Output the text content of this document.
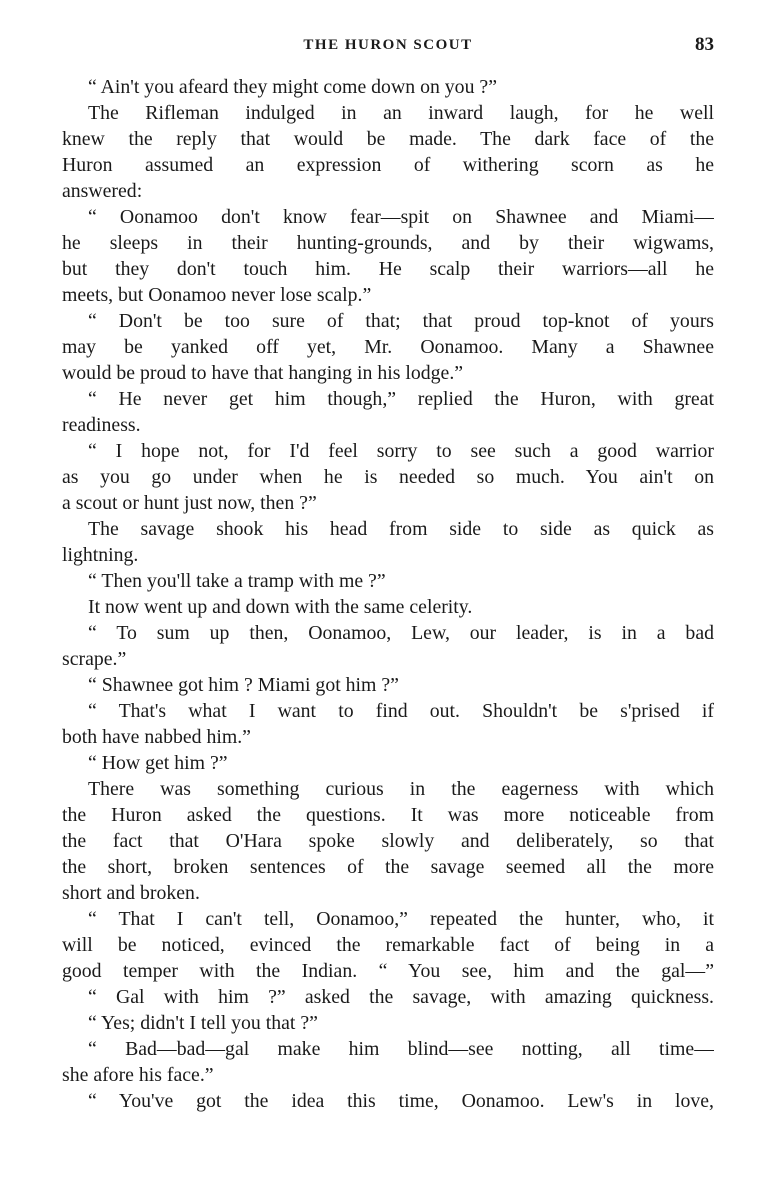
THE HURON SCOUT	83
“ Ain't you afeard they might come down on you ?”
The Rifleman indulged in an inward laugh, for he well
knew the reply that would be made. The dark face of the
Huron assumed an expression of withering scorn as he
answered:
“ Oonamoo don't know fear—spit on Shawnee and Miami—
he sleeps in their hunting-grounds, and by their wigwams,
but they don't touch him. He scalp their warriors—all he
meets, but Oonamoo never lose scalp.”
“ Don't be too sure of that; that proud top-knot of yours
may be yanked off yet, Mr. Oonamoo. Many a Shawnee
would be proud to have that hanging in his lodge.”
“ He never get him though,” replied the Huron, with great
readiness.
“ I hope not, for I'd feel sorry to see such a good warrior
as you go under when he is needed so much. You ain't on
a scout or hunt just now, then ?”
The savage shook his head from side to side as quick as
lightning.
“ Then you'll take a tramp with me ?”
It now went up and down with the same celerity.
“ To sum up then, Oonamoo, Lew, our leader, is in a bad
scrape.”
“ Shawnee got him ? Miami got him ?”
“ That's what I want to find out. Shouldn't be s'prised if
both have nabbed him.”
“ How get him ?”
There was something curious in the eagerness with which
the Huron asked the questions. It was more noticeable from
the fact that O'Hara spoke slowly and deliberately, so that
the short, broken sentences of the savage seemed all the more
short and broken.
“ That I can't tell, Oonamoo,” repeated the hunter, who, it
will be noticed, evinced the remarkable fact of being in a
good temper with the Indian. “ You see, him and the gal—”
“ Gal with him ?” asked the savage, with amazing quickness.
“ Yes; didn't I tell you that ?”
“ Bad—bad—gal make him blind—see notting, all time—
she afore his face.”
“ You've got the idea this time, Oonamoo. Lew's in love,
